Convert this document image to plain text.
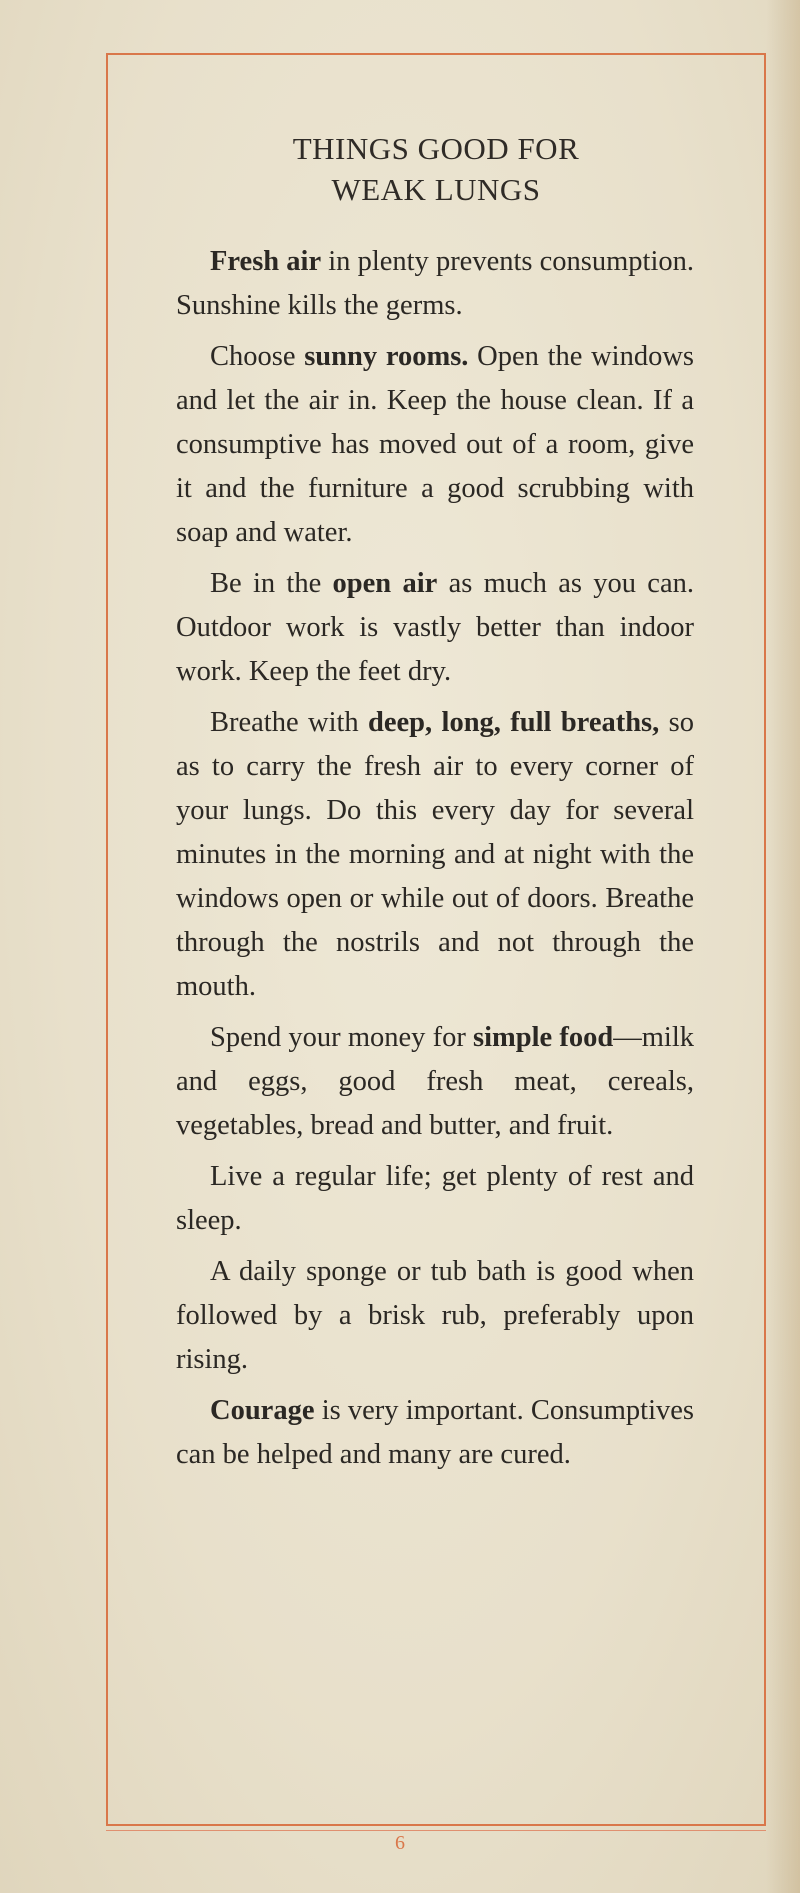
THINGS GOOD FOR
WEAK LUNGS

Fresh air in plenty prevents consumption. Sunshine kills the germs.

Choose sunny rooms. Open the windows and let the air in. Keep the house clean. If a consumptive has moved out of a room, give it and the furniture a good scrubbing with soap and water.

Be in the open air as much as you can. Outdoor work is vastly better than indoor work. Keep the feet dry.

Breathe with deep, long, full breaths, so as to carry the fresh air to every corner of your lungs. Do this every day for several minutes in the morning and at night with the windows open or while out of doors. Breathe through the nostrils and not through the mouth.

Spend your money for simple food—milk and eggs, good fresh meat, cereals, vegetables, bread and butter, and fruit.

Live a regular life; get plenty of rest and sleep.

A daily sponge or tub bath is good when followed by a brisk rub, preferably upon rising.

Courage is very important. Consumptives can be helped and many are cured.

6
